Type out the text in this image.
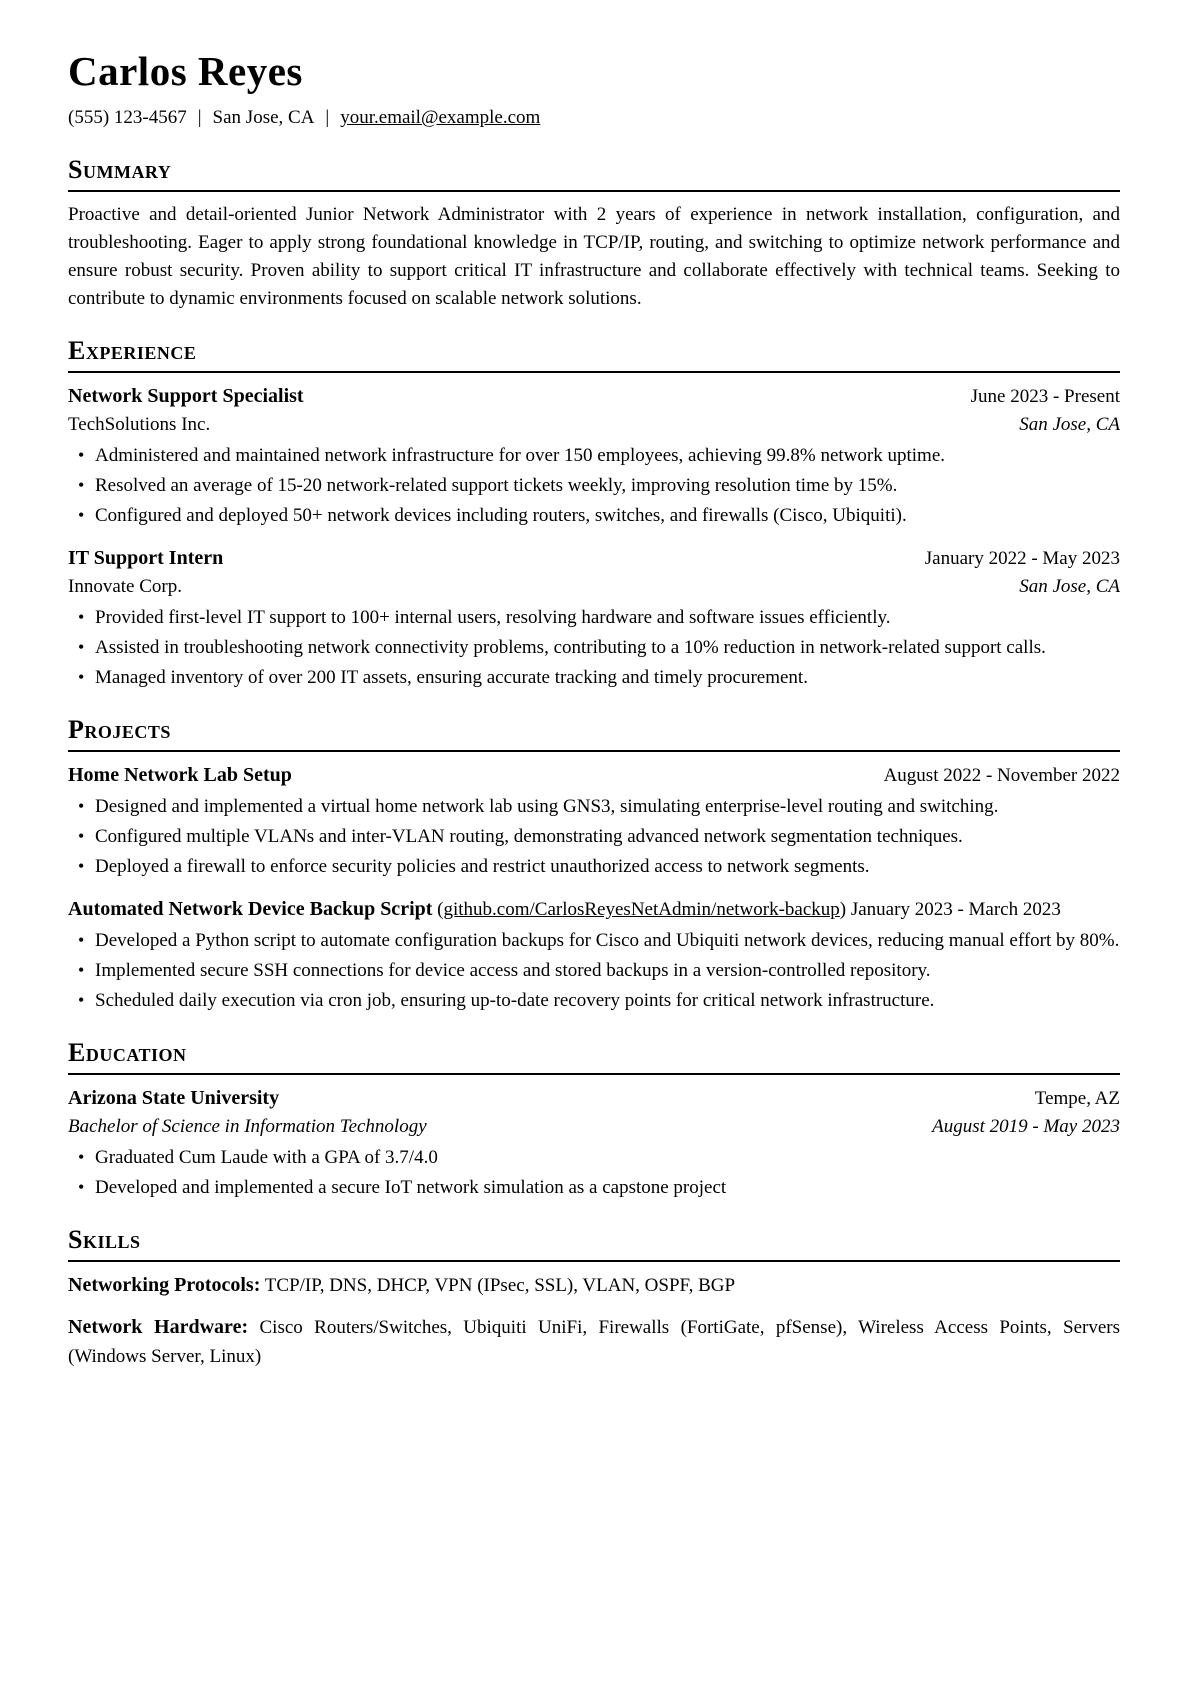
Carlos Reyes

(555) 123-4567 | San Jose, CA | your.email@example.com

Summary

Proactive and detail-oriented Junior Network Administrator with 2 years of experience in network installation, configuration, and troubleshooting. Eager to apply strong foundational knowledge in TCP/IP, routing, and switching to optimize network performance and ensure robust security. Proven ability to support critical IT infrastructure and collaborate effectively with technical teams. Seeking to contribute to dynamic environments focused on scalable network solutions.

Experience
Network Support Specialist	June 2023 - Present
TechSolutions Inc.	San Jose, CA
• Administered and maintained network infrastructure for over 150 employees, achieving 99.8% network uptime.
• Resolved an average of 15-20 network-related support tickets weekly, improving resolution time by 15%.
• Configured and deployed 50+ network devices including routers, switches, and firewalls (Cisco, Ubiquiti).
IT Support Intern	January 2022 - May 2023
Innovate Corp.	San Jose, CA
• Provided first-level IT support to 100+ internal users, resolving hardware and software issues efficiently.
• Assisted in troubleshooting network connectivity problems, contributing to a 10% reduction in network-related support calls.
• Managed inventory of over 200 IT assets, ensuring accurate tracking and timely procurement.
Projects
Home Network Lab Setup	August 2022 - November 2022
• Designed and implemented a virtual home network lab using GNS3, simulating enterprise-level routing and switching.
• Configured multiple VLANs and inter-VLAN routing, demonstrating advanced network segmentation techniques.
• Deployed a firewall to enforce security policies and restrict unauthorized access to network segments.

Automated Network Device Backup Script (github.com/CarlosReyesNetAdmin/network-backup) January 2023 - March 2023

• Developed a Python script to automate configuration backups for Cisco and Ubiquiti network devices, reducing manual effort by 80%.
• Implemented secure SSH connections for device access and stored backups in a version-controlled repository.
• Scheduled daily execution via cron job, ensuring up-to-date recovery points for critical network infrastructure.
Education
Arizona State University	Tempe, AZ
Bachelor of Science in Information Technology	August 2019 - May 2023
• Graduated Cum Laude with a GPA of 3.7/4.0
• Developed and implemented a secure IoT network simulation as a capstone project
Skills

Networking Protocols: TCP/IP, DNS, DHCP, VPN (IPsec, SSL), VLAN, OSPF, BGP

Network Hardware: Cisco Routers/Switches, Ubiquiti UniFi, Firewalls (FortiGate, pfSense), Wireless Access Points, Servers (Windows Server, Linux)
